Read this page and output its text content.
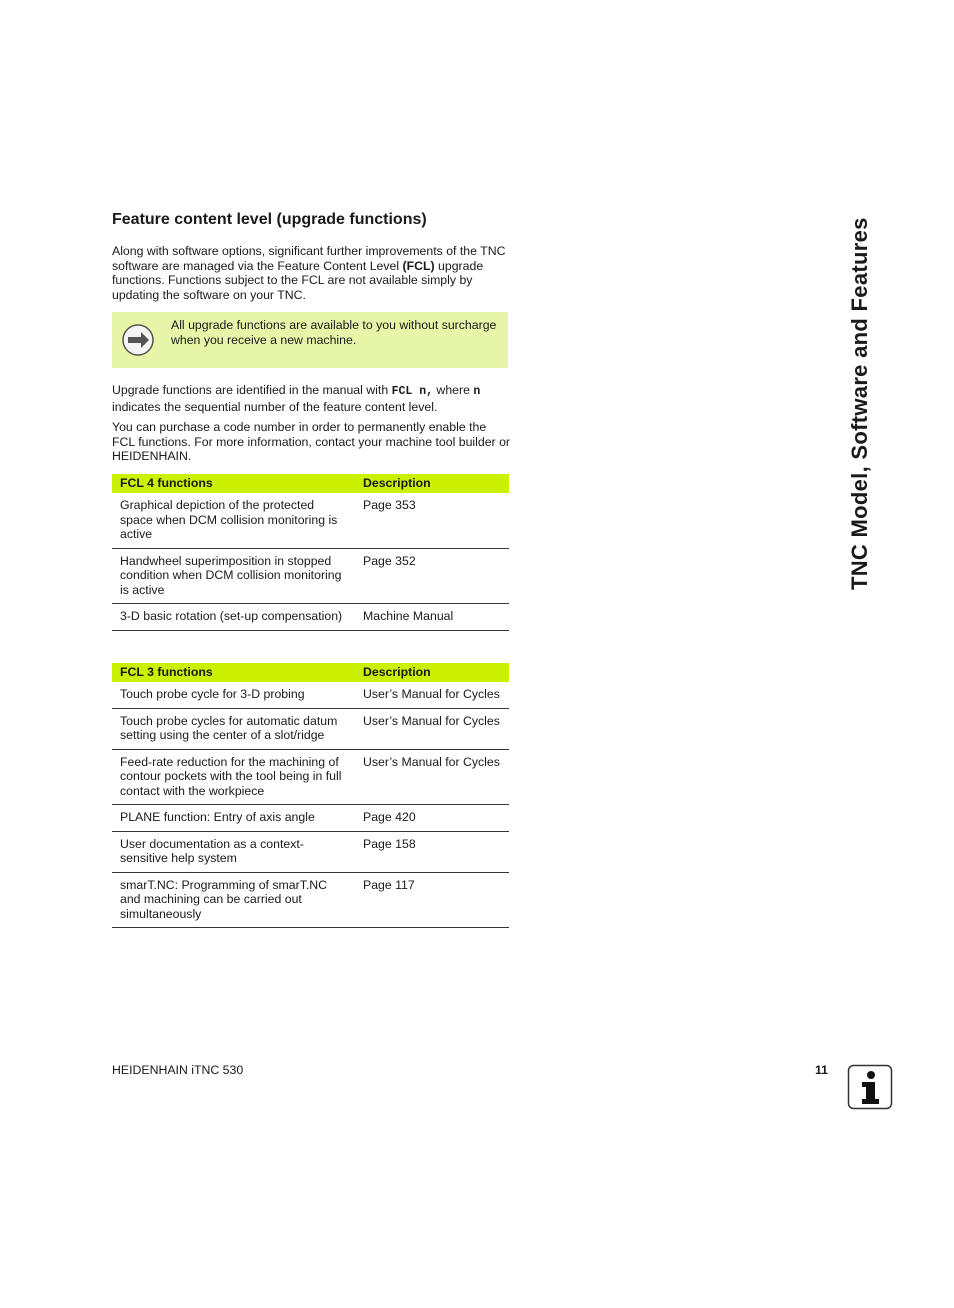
Feature content level (upgrade functions)

Along with software options, significant further improvements of the TNC software are managed via the Feature Content Level (FCL) upgrade functions. Functions subject to the FCL are not available simply by updating the software on your TNC.

All upgrade functions are available to you without surcharge when you receive a new machine.

Upgrade functions are identified in the manual with FCL n, where n indicates the sequential number of the feature content level.

You can purchase a code number in order to permanently enable the FCL functions. For more information, contact your machine tool builder or HEIDENHAIN.

FCL 4 functions	Description
Graphical depiction of the protected space when DCM collision monitoring is active	Page 353
Handwheel superimposition in stopped condition when DCM collision monitoring is active	Page 352
3-D basic rotation (set-up compensation)	Machine Manual
FCL 3 functions	Description
Touch probe cycle for 3-D probing	User’s Manual for Cycles
Touch probe cycles for automatic datum setting using the center of a slot/ridge	User’s Manual for Cycles
Feed-rate reduction for the machining of contour pockets with the tool being in full contact with the workpiece	User’s Manual for Cycles
PLANE function: Entry of axis angle	Page 420
User documentation as a context-sensitive help system	Page 158
smarT.NC: Programming of smarT.NC and machining can be carried out simultaneously	Page 117
TNC Model, Software and Features
HEIDENHAIN iTNC 530	11
